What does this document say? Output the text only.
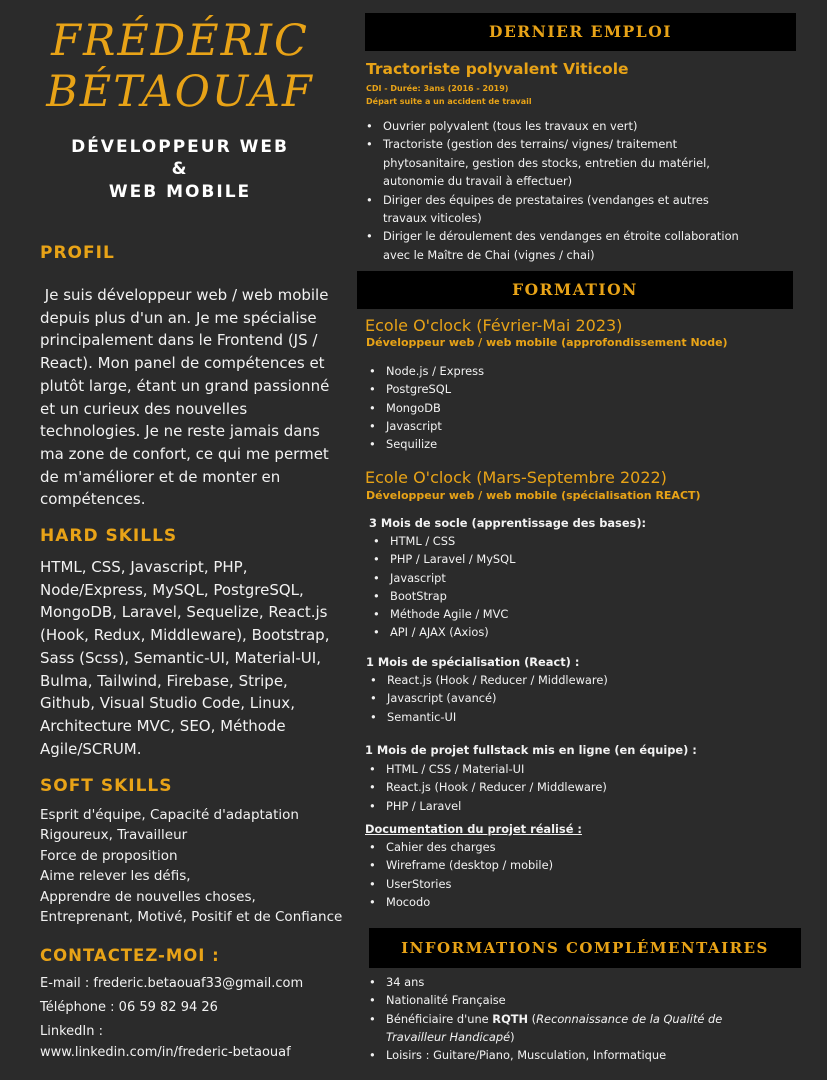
FRÉDÉRIC
BÉTAOUAF
DÉVELOPPEUR WEB
&
WEB MOBILE
PROFIL
Je suis développeur web / web mobile depuis plus d'un an. Je me spécialise principalement dans le Frontend (JS / React). Mon panel de compétences et plutôt large, étant un grand passionné et un curieux des nouvelles technologies. Je ne reste jamais dans ma zone de confort, ce qui me permet de m'améliorer et de monter en compétences.
HARD SKILLS
HTML, CSS, Javascript, PHP, Node/Express, MySQL, PostgreSQL, MongoDB, Laravel, Sequelize, React.js (Hook, Redux, Middleware), Bootstrap, Sass (Scss), Semantic-UI, Material-UI, Bulma, Tailwind, Firebase, Stripe, Github, Visual Studio Code, Linux, Architecture MVC, SEO, Méthode Agile/SCRUM.
SOFT SKILLS
Esprit d'équipe, Capacité d'adaptation
Rigoureux, Travailleur
Force de proposition
Aime relever les défis,
Apprendre de nouvelles choses,
Entreprenant, Motivé, Positif et de Confiance
CONTACTEZ-MOI :
E-mail : frederic.betaouaf33@gmail.com
Téléphone : 06 59 82 94 26
LinkedIn :
www.linkedin.com/in/frederic-betaouaf
DERNIER EMPLOI
Tractoriste polyvalent Viticole
CDI - Durée: 3ans (2016 - 2019)
Départ suite a un accident de travail
• Ouvrier polyvalent (tous les travaux en vert)
• Tractoriste (gestion des terrains/ vignes/ traitement phytosanitaire, gestion des stocks, entretien du matériel, autonomie du travail à effectuer)
• Diriger des équipes de prestataires (vendanges et autres travaux viticoles)
• Diriger le déroulement des vendanges en étroite collaboration avec le Maître de Chai (vignes / chai)
FORMATION
Ecole O'clock (Février-Mai 2023)
Développeur web / web mobile (approfondissement Node)
• Node.js / Express
• PostgreSQL
• MongoDB
• Javascript
• Sequilize
Ecole O'clock (Mars-Septembre 2022)
Développeur web / web mobile (spécialisation REACT)
3 Mois de socle (apprentissage des bases):
• HTML / CSS
• PHP / Laravel / MySQL
• Javascript
• BootStrap
• Méthode Agile / MVC
• API / AJAX (Axios)
1 Mois de spécialisation (React) :
• React.js (Hook / Reducer / Middleware)
• Javascript (avancé)
• Semantic-UI
1 Mois de projet fullstack mis en ligne (en équipe) :
• HTML / CSS / Material-UI
• React.js (Hook / Reducer / Middleware)
• PHP / Laravel
Documentation du projet réalisé :
• Cahier des charges
• Wireframe (desktop / mobile)
• UserStories
• Mocodo
INFORMATIONS COMPLÉMENTAIRES
• 34 ans
• Nationalité Française
• Bénéficiaire d'une RQTH (Reconnaissance de la Qualité de Travailleur Handicapé)
• Loisirs : Guitare/Piano, Musculation, Informatique
